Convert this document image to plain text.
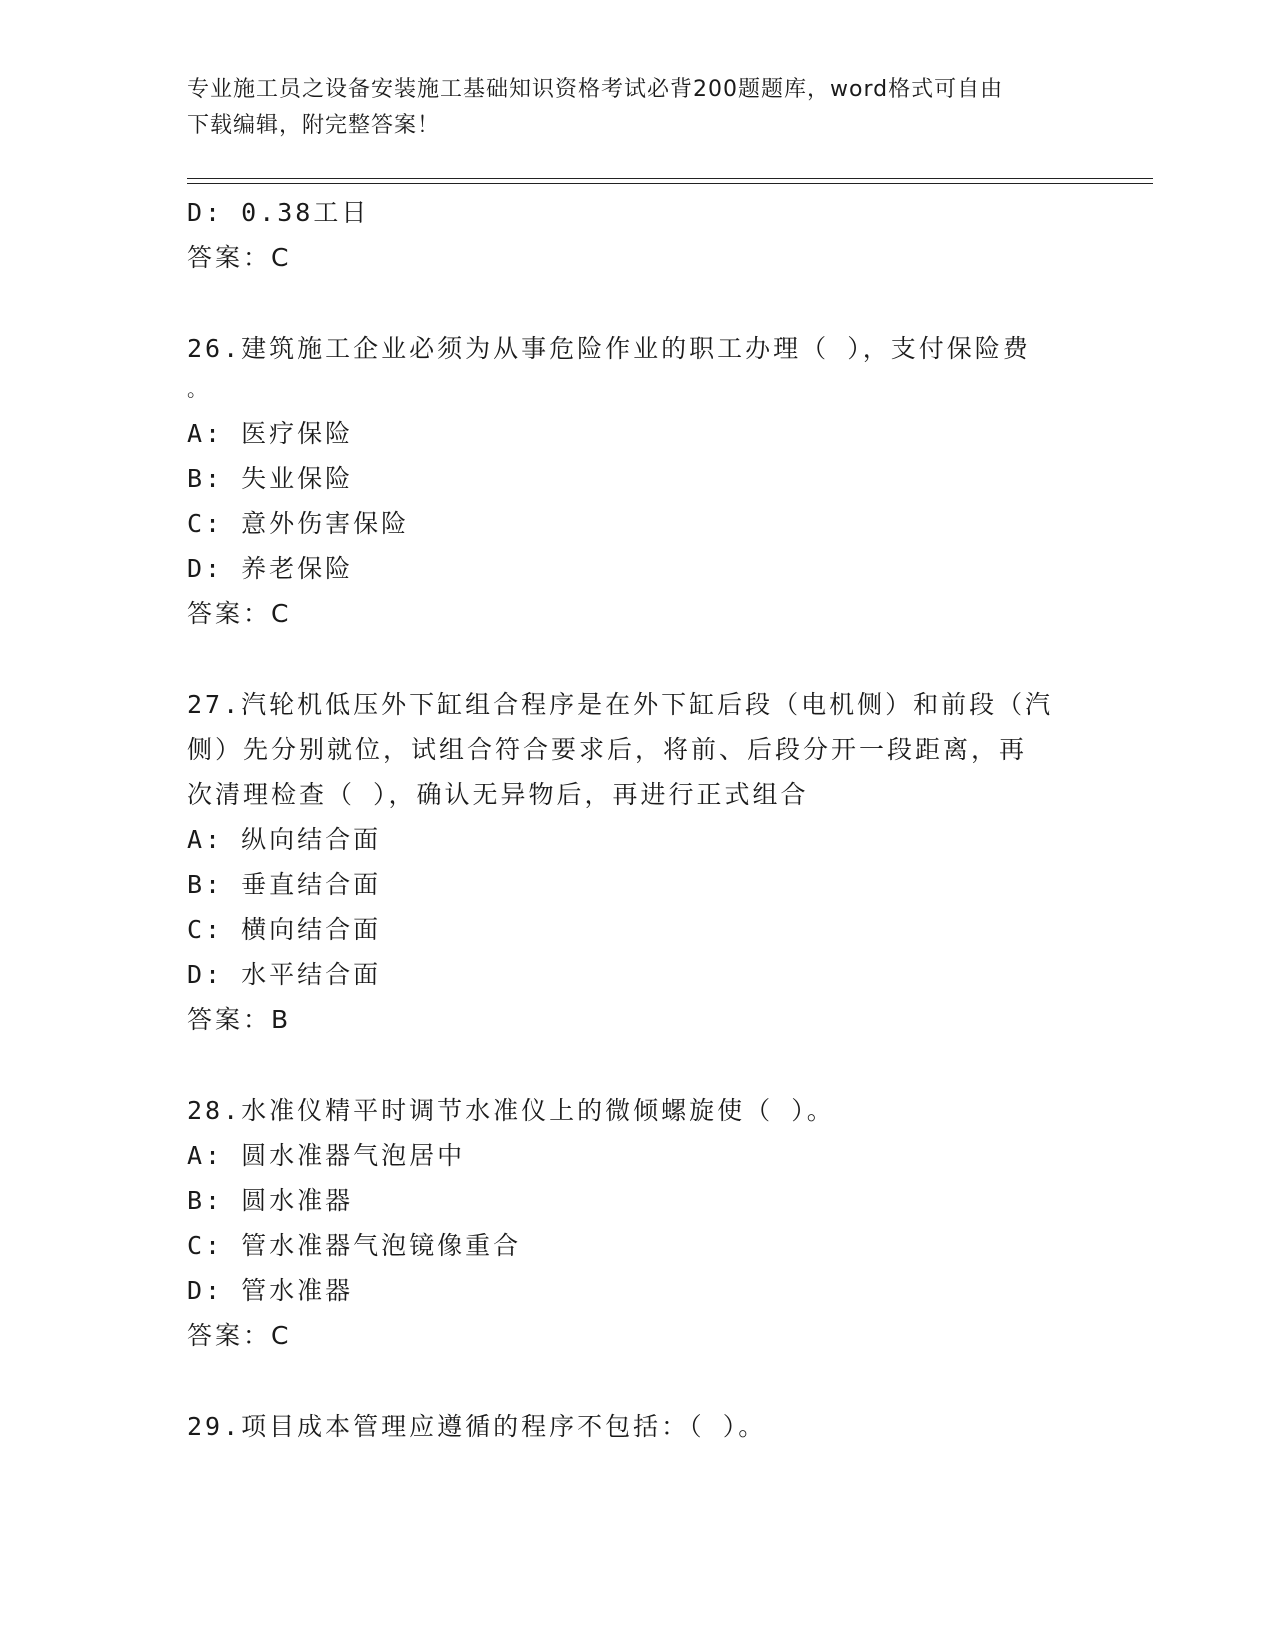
专业施工员之设备安装施工基础知识资格考试必背200题题库，word格式可自由
下载编辑，附完整答案！
D: 0.38工日
答案：C
26.建筑施工企业必须为从事危险作业的职工办理（ ），支付保险费
。
A: 医疗保险
B: 失业保险
C: 意外伤害保险
D: 养老保险
答案：C
27.汽轮机低压外下缸组合程序是在外下缸后段（电机侧）和前段（汽
侧）先分别就位，试组合符合要求后，将前、后段分开一段距离，再
次清理检查（ ），确认无异物后，再进行正式组合
A: 纵向结合面
B: 垂直结合面
C: 横向结合面
D: 水平结合面
答案：B
28.水准仪精平时调节水准仪上的微倾螺旋使（ ）。
A: 圆水准器气泡居中
B: 圆水准器
C: 管水准器气泡镜像重合
D: 管水准器
答案：C
29.项目成本管理应遵循的程序不包括：（ ）。
